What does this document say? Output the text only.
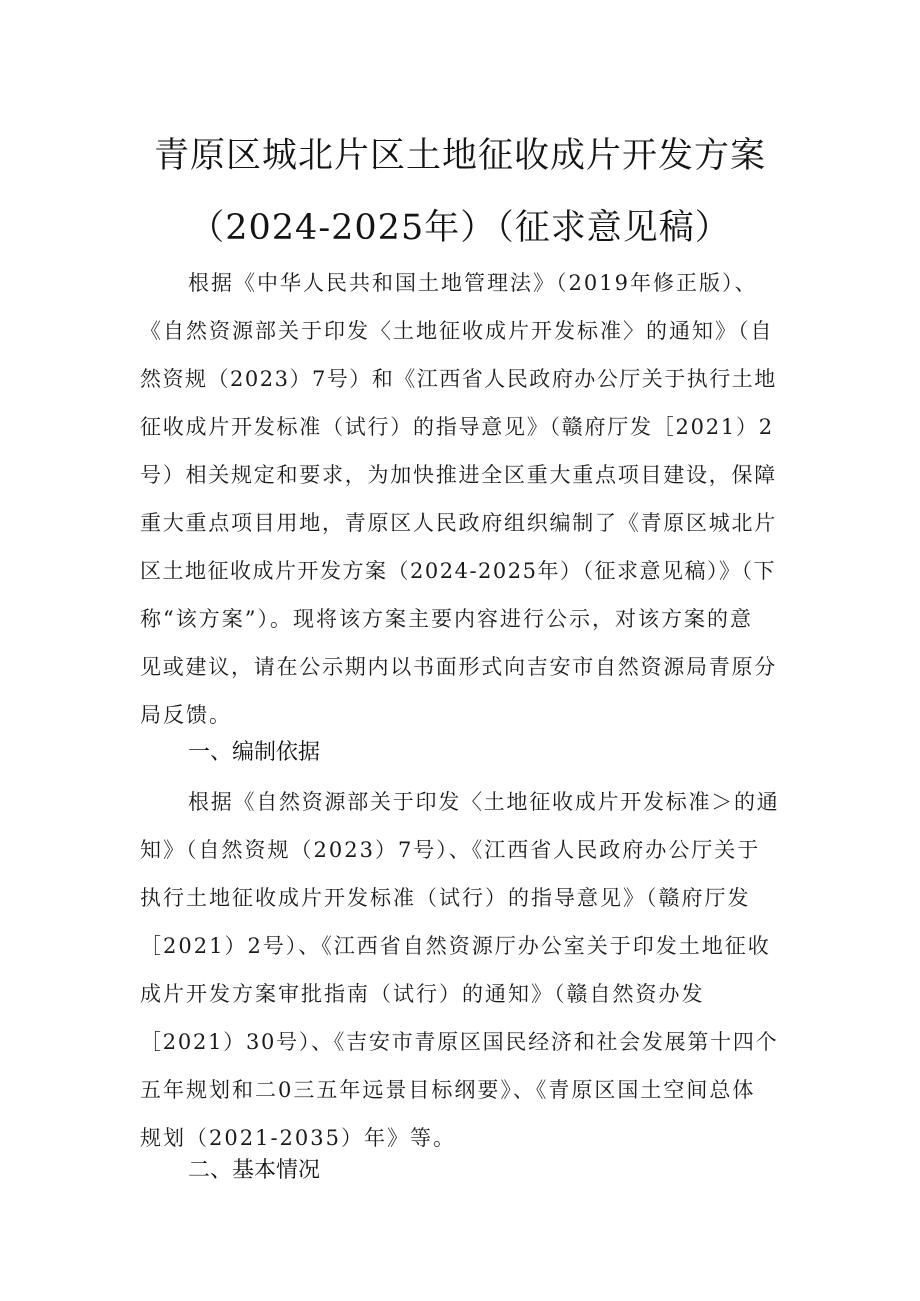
青原区城北片区土地征收成片开发方案
（2024-2025年）（征求意见稿）
根据《中华人民共和国土地管理法》（2019年修正版）、
《自然资源部关于印发〈土地征收成片开发标准〉的通知》（自
然资规（2023）7号）和《江西省人民政府办公厅关于执行土地
征收成片开发标准（试行）的指导意见》（赣府厅发［2021）2
号）相关规定和要求，为加快推进全区重大重点项目建设，保障
重大重点项目用地，青原区人民政府组织编制了《青原区城北片
区土地征收成片开发方案（2024-2025年）（征求意见稿）》（下
称“该方案”）。现将该方案主要内容进行公示，对该方案的意
见或建议，请在公示期内以书面形式向吉安市自然资源局青原分
局反馈。
一、编制依据
根据《自然资源部关于印发〈土地征收成片开发标准＞的通
知》（自然资规（2023）7号）、《江西省人民政府办公厅关于
执行土地征收成片开发标准（试行）的指导意见》（赣府厅发
［2021）2号）、《江西省自然资源厅办公室关于印发土地征收
成片开发方案审批指南（试行）的通知》（赣自然资办发
［2021）30号）、《吉安市青原区国民经济和社会发展第十四个
五年规划和二0三五年远景目标纲要》、《青原区国土空间总体
规划（2021-2035）年》等。
二、基本情况
